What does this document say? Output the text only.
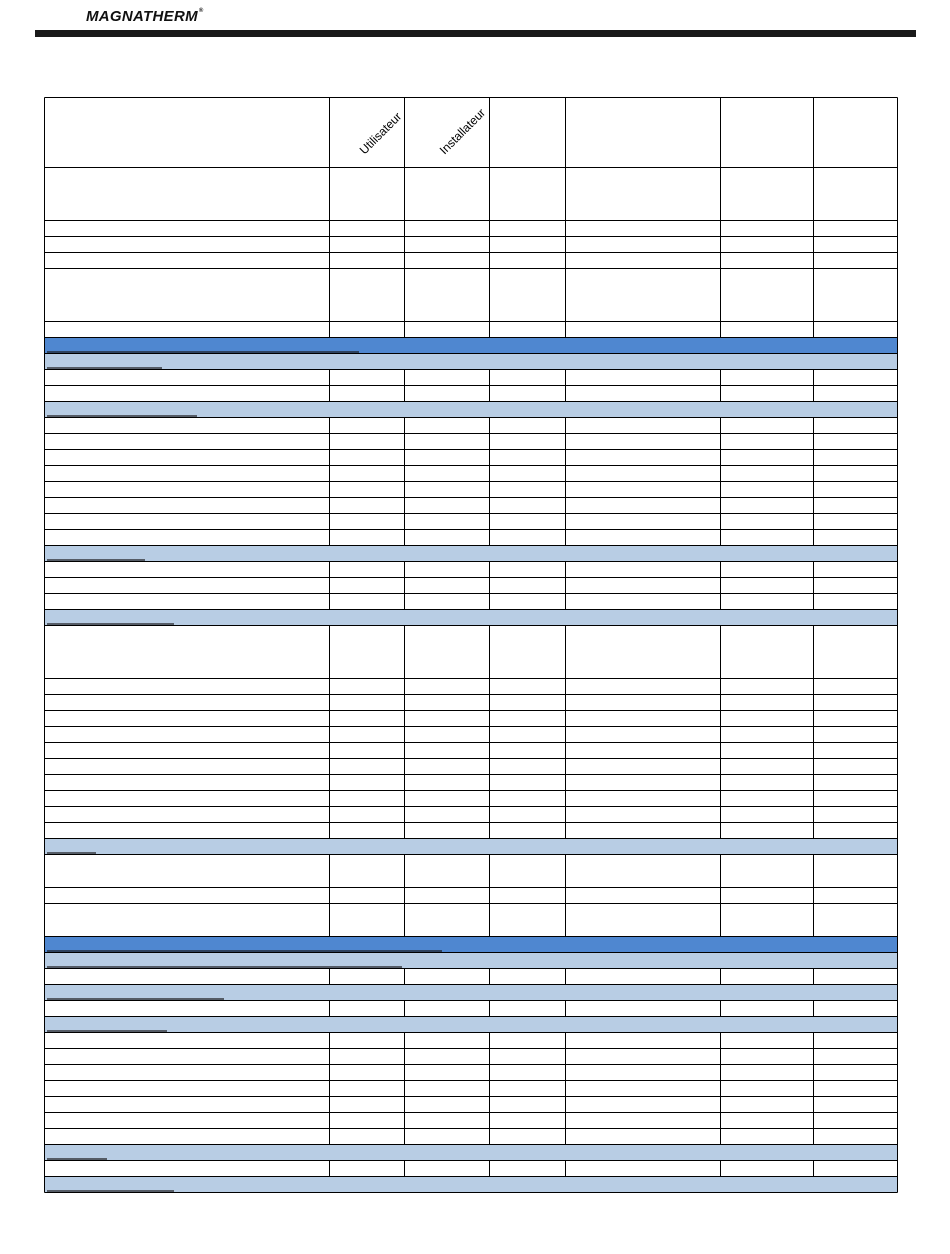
MAGNATHERM®
Utilisateur	Installateur
